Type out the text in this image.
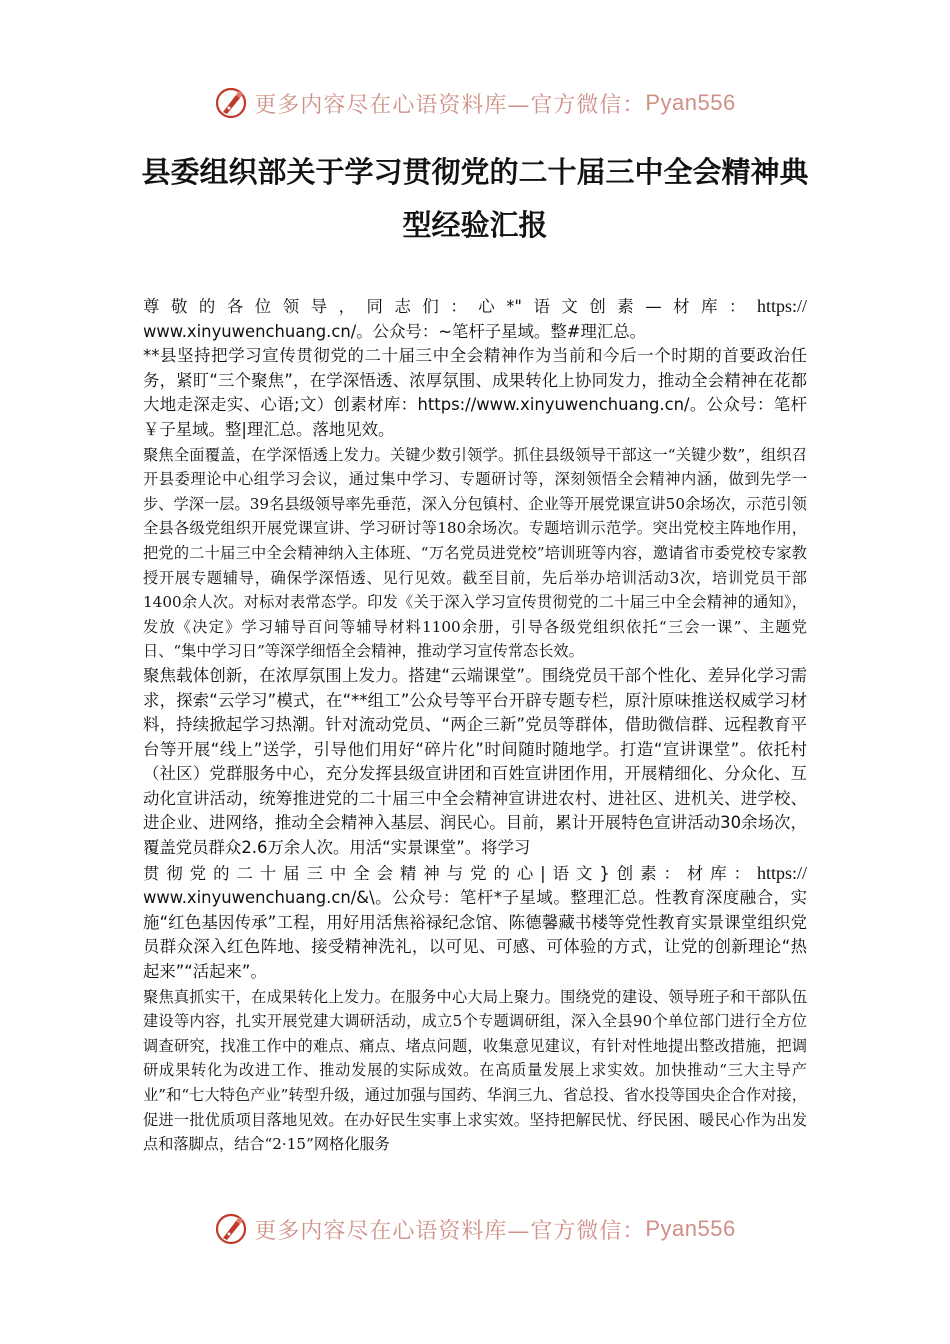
更多内容尽在心语资料库—官方微信： Pyan556
县委组织部关于学习贯彻党的二十届三中全会精神典
型经验汇报

尊敬的各位领导，同志们：心*"语文创素—材库：https://

www.xinyuwenchuang.cn/。公众号：~笔杆子星域。整#理汇总。

**县坚持把学习宣传贯彻党的二十届三中全会精神作为当前和今后一个时期的首要政治任务，紧盯“三个聚焦”，在学深悟透、浓厚氛围、成果转化上协同发力，推动全会精神在花都大地走深走实、心语;文）创素材库：https://www.xinyuwenchuang.cn/。公众号：笔杆￥子星域。整|理汇总。落地见效。

聚焦全面覆盖，在学深悟透上发力。关键少数引领学。抓住县级领导干部这一“关键少数”，组织召开县委理论中心组学习会议，通过集中学习、专题研讨等，深刻领悟全会精神内涵，做到先学一步、学深一层。39名县级领导率先垂范，深入分包镇村、企业等开展党课宣讲50余场次，示范引领全县各级党组织开展党课宣讲、学习研讨等180余场次。专题培训示范学。突出党校主阵地作用，把党的二十届三中全会精神纳入主体班、“万名党员进党校”培训班等内容，邀请省市委党校专家教授开展专题辅导，确保学深悟透、见行见效。截至目前，先后举办培训活动3次，培训党员干部1400余人次。对标对表常态学。印发《关于深入学习宣传贯彻党的二十届三中全会精神的通知》，发放《决定》学习辅导百问等辅导材料1100余册，引导各级党组织依托“三会一课”、主题党日、“集中学习日”等深学细悟全会精神，推动学习宣传常态长效。

聚焦载体创新，在浓厚氛围上发力。搭建“云端课堂”。围绕党员干部个性化、差异化学习需求，探索“云学习”模式，在“**组工”公众号等平台开辟专题专栏，原汁原味推送权威学习材料，持续掀起学习热潮。针对流动党员、“两企三新”党员等群体，借助微信群、远程教育平台等开展“线上”送学，引导他们用好“碎片化”时间随时随地学。打造“宣讲课堂”。依托村（社区）党群服务中心，充分发挥县级宣讲团和百姓宣讲团作用，开展精细化、分众化、互动化宣讲活动，统筹推进党的二十届三中全会精神宣讲进农村、进社区、进机关、进学校、进企业、进网络，推动全会精神入基层、润民心。目前，累计开展特色宣讲活动30余场次，覆盖党员群众2.6万余人次。用活“实景课堂”。将学习

贯彻党的二十届三中全会精神与党的心|语文}创素：材库：https://

www.xinyuwenchuang.cn/&\。公众号：笔杆*子星域。整理汇总。性教育深度融合，实施“红色基因传承”工程，用好用活焦裕禄纪念馆、陈德馨藏书楼等党性教育实景课堂组织党员群众深入红色阵地、接受精神洗礼，以可见、可感、可体验的方式，让党的创新理论“热起来”“活起来”。

聚焦真抓实干，在成果转化上发力。在服务中心大局上聚力。围绕党的建设、领导班子和干部队伍建设等内容，扎实开展党建大调研活动，成立5个专题调研组，深入全县90个单位部门进行全方位调查研究，找准工作中的难点、痛点、堵点问题，收集意见建议，有针对性地提出整改措施，把调研成果转化为改进工作、推动发展的实际成效。在高质量发展上求实效。加快推动“三大主导产业”和“七大特色产业”转型升级，通过加强与国药、华润三九、省总投、省水投等国央企合作对接，促进一批优质项目落地见效。在办好民生实事上求实效。坚持把解民忧、纾民困、暖民心作为出发点和落脚点，结合“2·15”网格化服务

更多内容尽在心语资料库—官方微信： Pyan556
